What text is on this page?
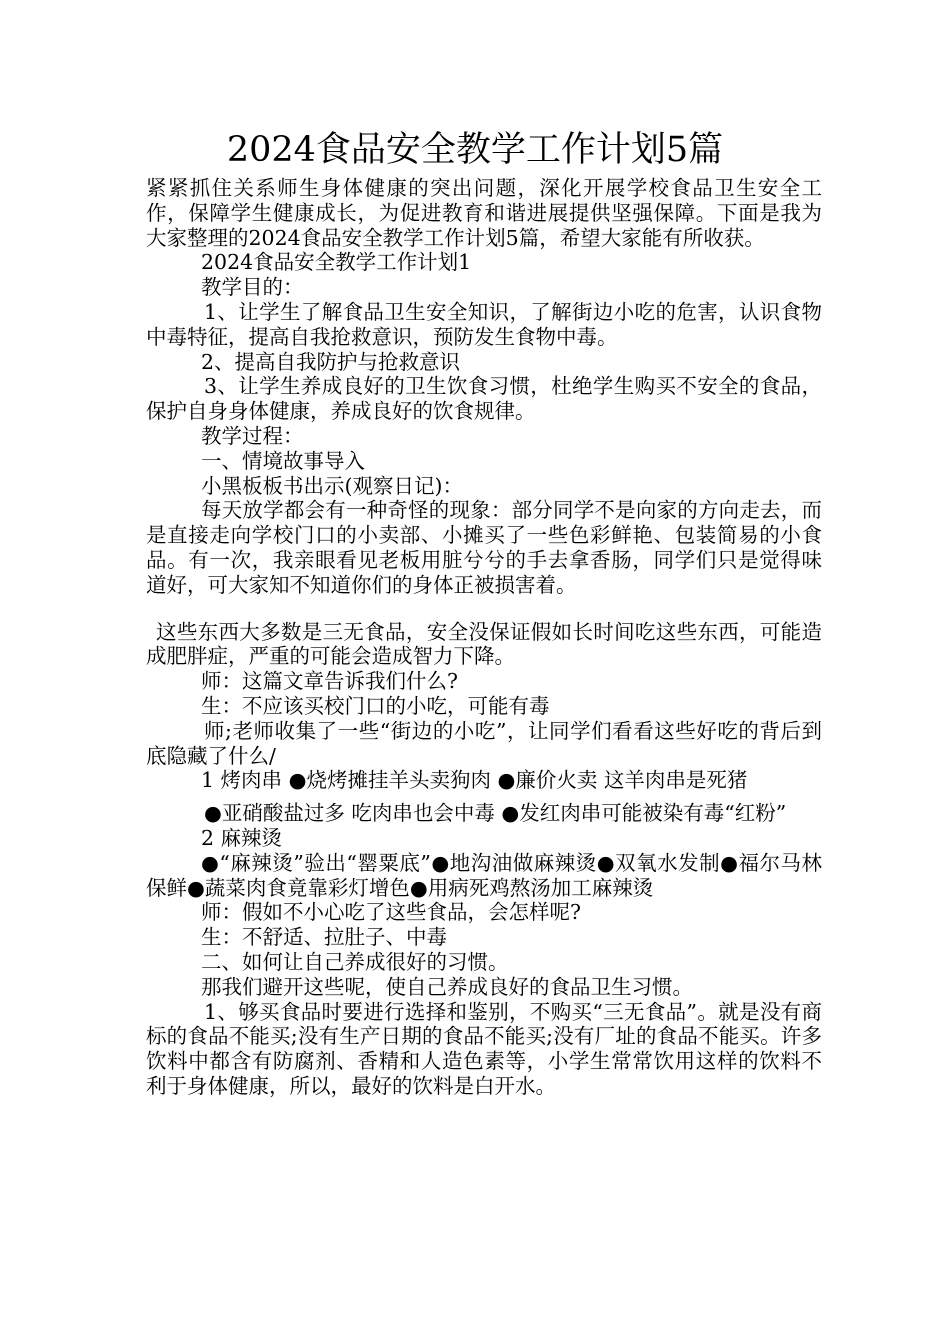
2024食品安全教学工作计划5篇

紧紧抓住关系师生身体健康的突出问题，深化开展学校食品卫生安全工作，保障学生健康成长，为促进教育和谐进展提供坚强保障。下面是我为大家整理的2024食品安全教学工作计划5篇，希望大家能有所收获。

2024食品安全教学工作计划1

教学目的：

1、让学生了解食品卫生安全知识，了解街边小吃的危害，认识食物中毒特征，提高自我抢救意识，预防发生食物中毒。

2、提高自我防护与抢救意识

3、让学生养成良好的卫生饮食习惯，杜绝学生购买不安全的食品，保护自身身体健康，养成良好的饮食规律。

教学过程：

一、情境故事导入

小黑板板书出示(观察日记)：

每天放学都会有一种奇怪的现象：部分同学不是向家的方向走去，而是直接走向学校门口的小卖部、小摊买了一些色彩鲜艳、包装简易的小食品。有一次，我亲眼看见老板用脏兮兮的手去拿香肠，同学们只是觉得味道好，可大家知不知道你们的身体正被损害着。

这些东西大多数是三无食品，安全没保证假如长时间吃这些东西，可能造成肥胖症，严重的可能会造成智力下降。

师：这篇文章告诉我们什么?

生：不应该买校门口的小吃，可能有毒

师;老师收集了一些“街边的小吃”，让同学们看看这些好吃的背后到底隐藏了什么/

1 烤肉串 ●烧烤摊挂羊头卖狗肉 ●廉价火卖 这羊肉串是死猪

●亚硝酸盐过多 吃肉串也会中毒 ●发红肉串可能被染有毒“红粉”

2 麻辣烫

●“麻辣烫”验出“罂粟底”●地沟油做麻辣烫●双氧水发制●福尔马林保鲜●蔬菜肉食竟靠彩灯增色●用病死鸡熬汤加工麻辣烫

师：假如不小心吃了这些食品，会怎样呢?

生：不舒适、拉肚子、中毒

二、如何让自己养成很好的习惯。

那我们避开这些呢，使自己养成良好的食品卫生习惯。

1、够买食品时要进行选择和鉴别，不购买“三无食品”。就是没有商标的食品不能买;没有生产日期的食品不能买;没有厂址的食品不能买。许多饮料中都含有防腐剂、香精和人造色素等，小学生常常饮用这样的饮料不利于身体健康，所以，最好的饮料是白开水。
